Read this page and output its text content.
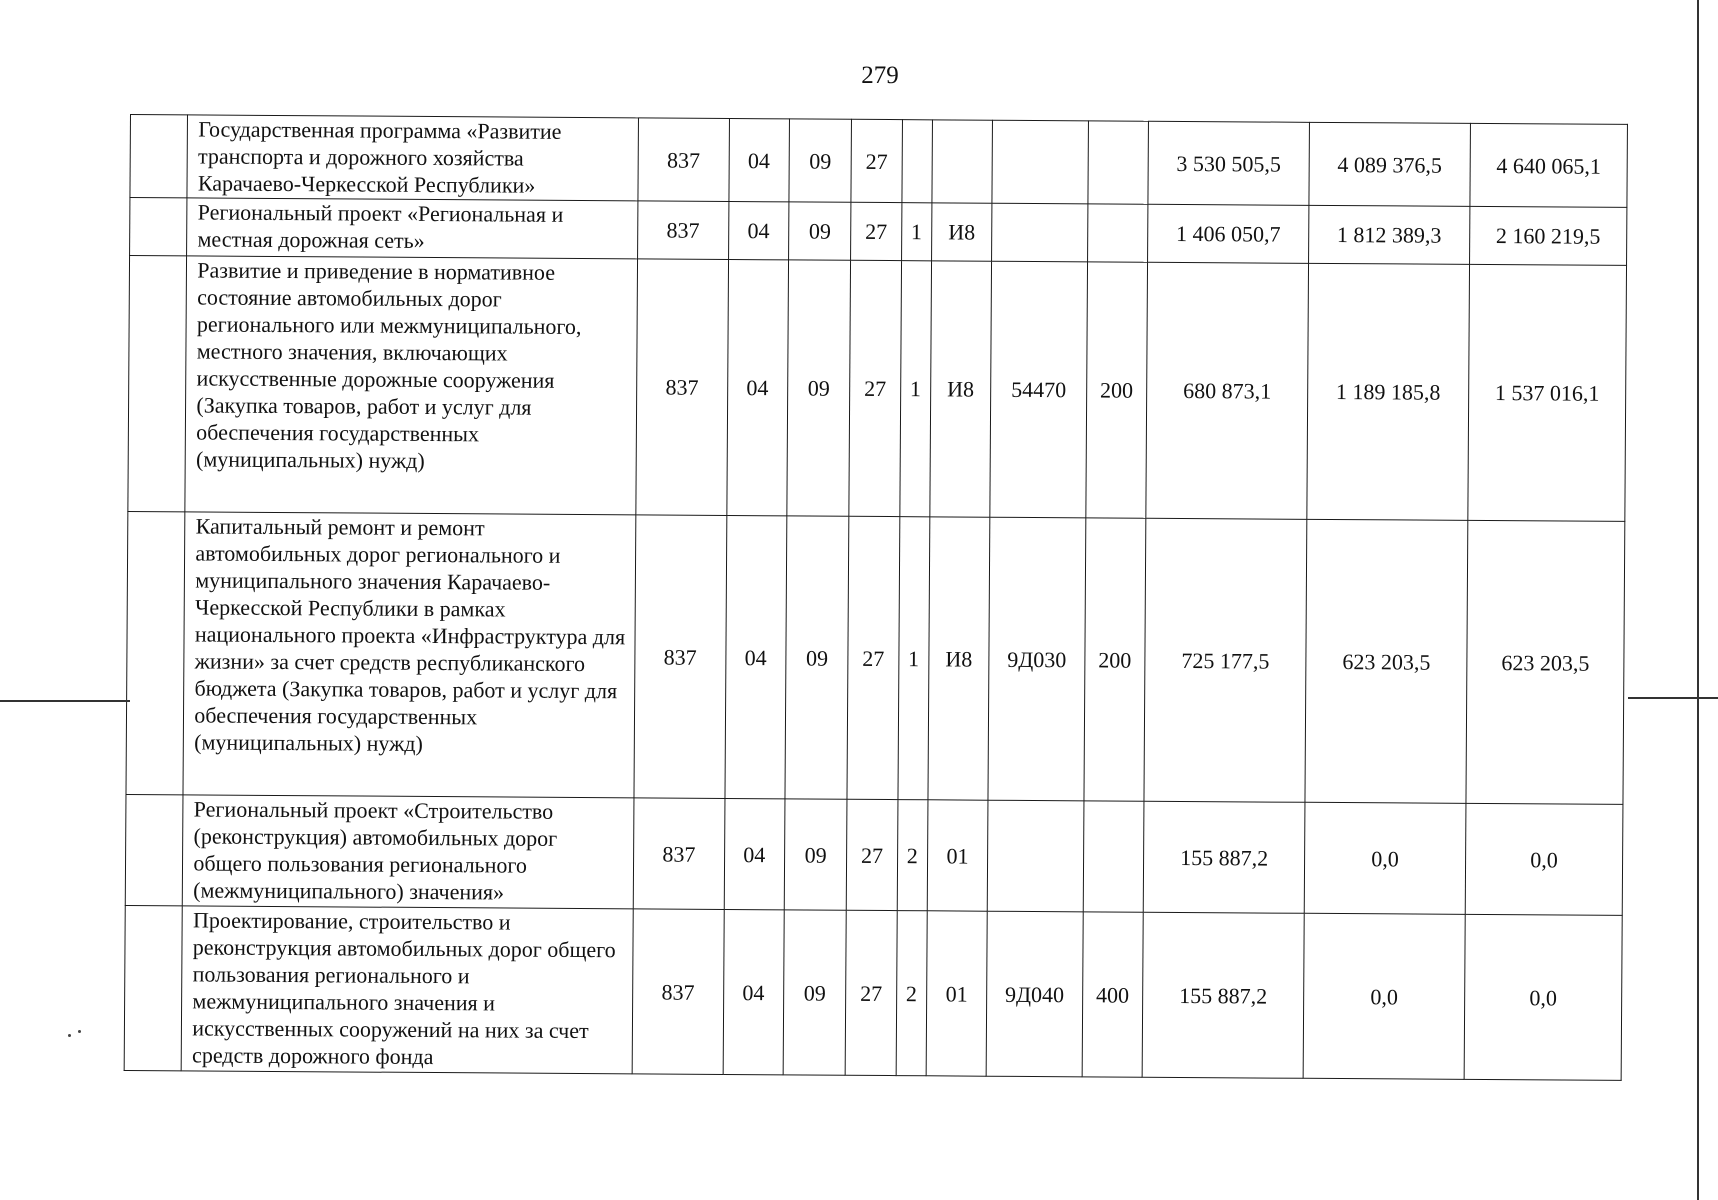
279
	Государственная программа «Развитие транспорта и дорожного хозяйства Карачаево-Черкесской Республики»	837	04	09	27					3 530 505,5	4 089 376,5	4 640 065,1
	Региональный проект «Региональная и местная дорожная сеть»	837	04	09	27	1	И8			1 406 050,7	1 812 389,3	2 160 219,5
	Развитие и приведение в нормативное состояние автомобильных дорог регионального или межмуниципального, местного значения, включающих искусственные дорожные сооружения (Закупка товаров, работ и услуг для обеспечения государственных (муниципальных) нужд)	837	04	09	27	1	И8	54470	200	680 873,1	1 189 185,8	1 537 016,1
	Капитальный ремонт и ремонт автомобильных дорог регионального и муниципального значения Карачаево-Черкесской Республики в рамках национального проекта «Инфраструктура для жизни» за счет средств республиканского бюджета (Закупка товаров, работ и услуг для обеспечения государственных (муниципальных) нужд)	837	04	09	27	1	И8	9Д030	200	725 177,5	623 203,5	623 203,5
	Региональный проект «Строительство (реконструкция) автомобильных дорог общего пользования регионального (межмуниципального) значения»	837	04	09	27	2	01			155 887,2	0,0	0,0
	Проектирование, строительство и реконструкция автомобильных дорог общего пользования регионального и межмуниципального значения и искусственных сооружений на них за счет средств дорожного фонда	837	04	09	27	2	01	9Д040	400	155 887,2	0,0	0,0
